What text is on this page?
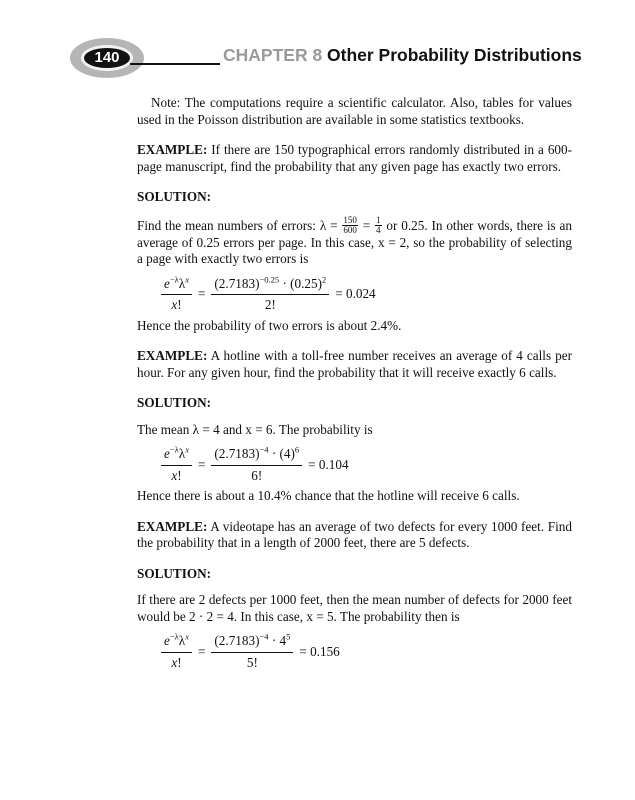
140	CHAPTER 8 Other Probability Distributions

Note: The computations require a scientific calculator. Also, tables for values used in the Poisson distribution are available in some statistics textbooks.

EXAMPLE: If there are 150 typographical errors randomly distributed in a 600-page manuscript, find the probability that any given page has exactly two errors.

SOLUTION:

Find the mean numbers of errors: $\lambda = \frac{150}{600} = \frac{1}{4}$ or 0.25. In other words, there is an average of 0.25 errors per page. In this case, x = 2, so the probability of selecting a page with exactly two errors is

$e^{-\lambda}\lambda^x$
x!
= $\frac{(2.7183)^{-0.25} \cdot (0.25)^2}{2!} = 0.024$

Hence the probability of two errors is about 2.4%.

EXAMPLE: A hotline with a toll-free number receives an average of 4 calls per hour. For any given hour, find the probability that it will receive exactly 6 calls.

SOLUTION:

The mean λ = 4 and x = 6. The probability is

$e^{-\lambda}\lambda^x$
x!
= $\frac{(2.7183)^{-4} \cdot (4)^6}{6!} = 0.104$

Hence there is about a 10.4% chance that the hotline will receive 6 calls.

EXAMPLE: A videotape has an average of two defects for every 1000 feet. Find the probability that in a length of 2000 feet, there are 5 defects.

SOLUTION:

If there are 2 defects per 1000 feet, then the mean number of defects for 2000 feet would be 2 · 2 = 4. In this case, x = 5. The probability then is

$e^{-\lambda}\lambda^x$
x!
= $\frac{(2.7183)^{-4} \cdot 4^5}{5!} = 0.156$
